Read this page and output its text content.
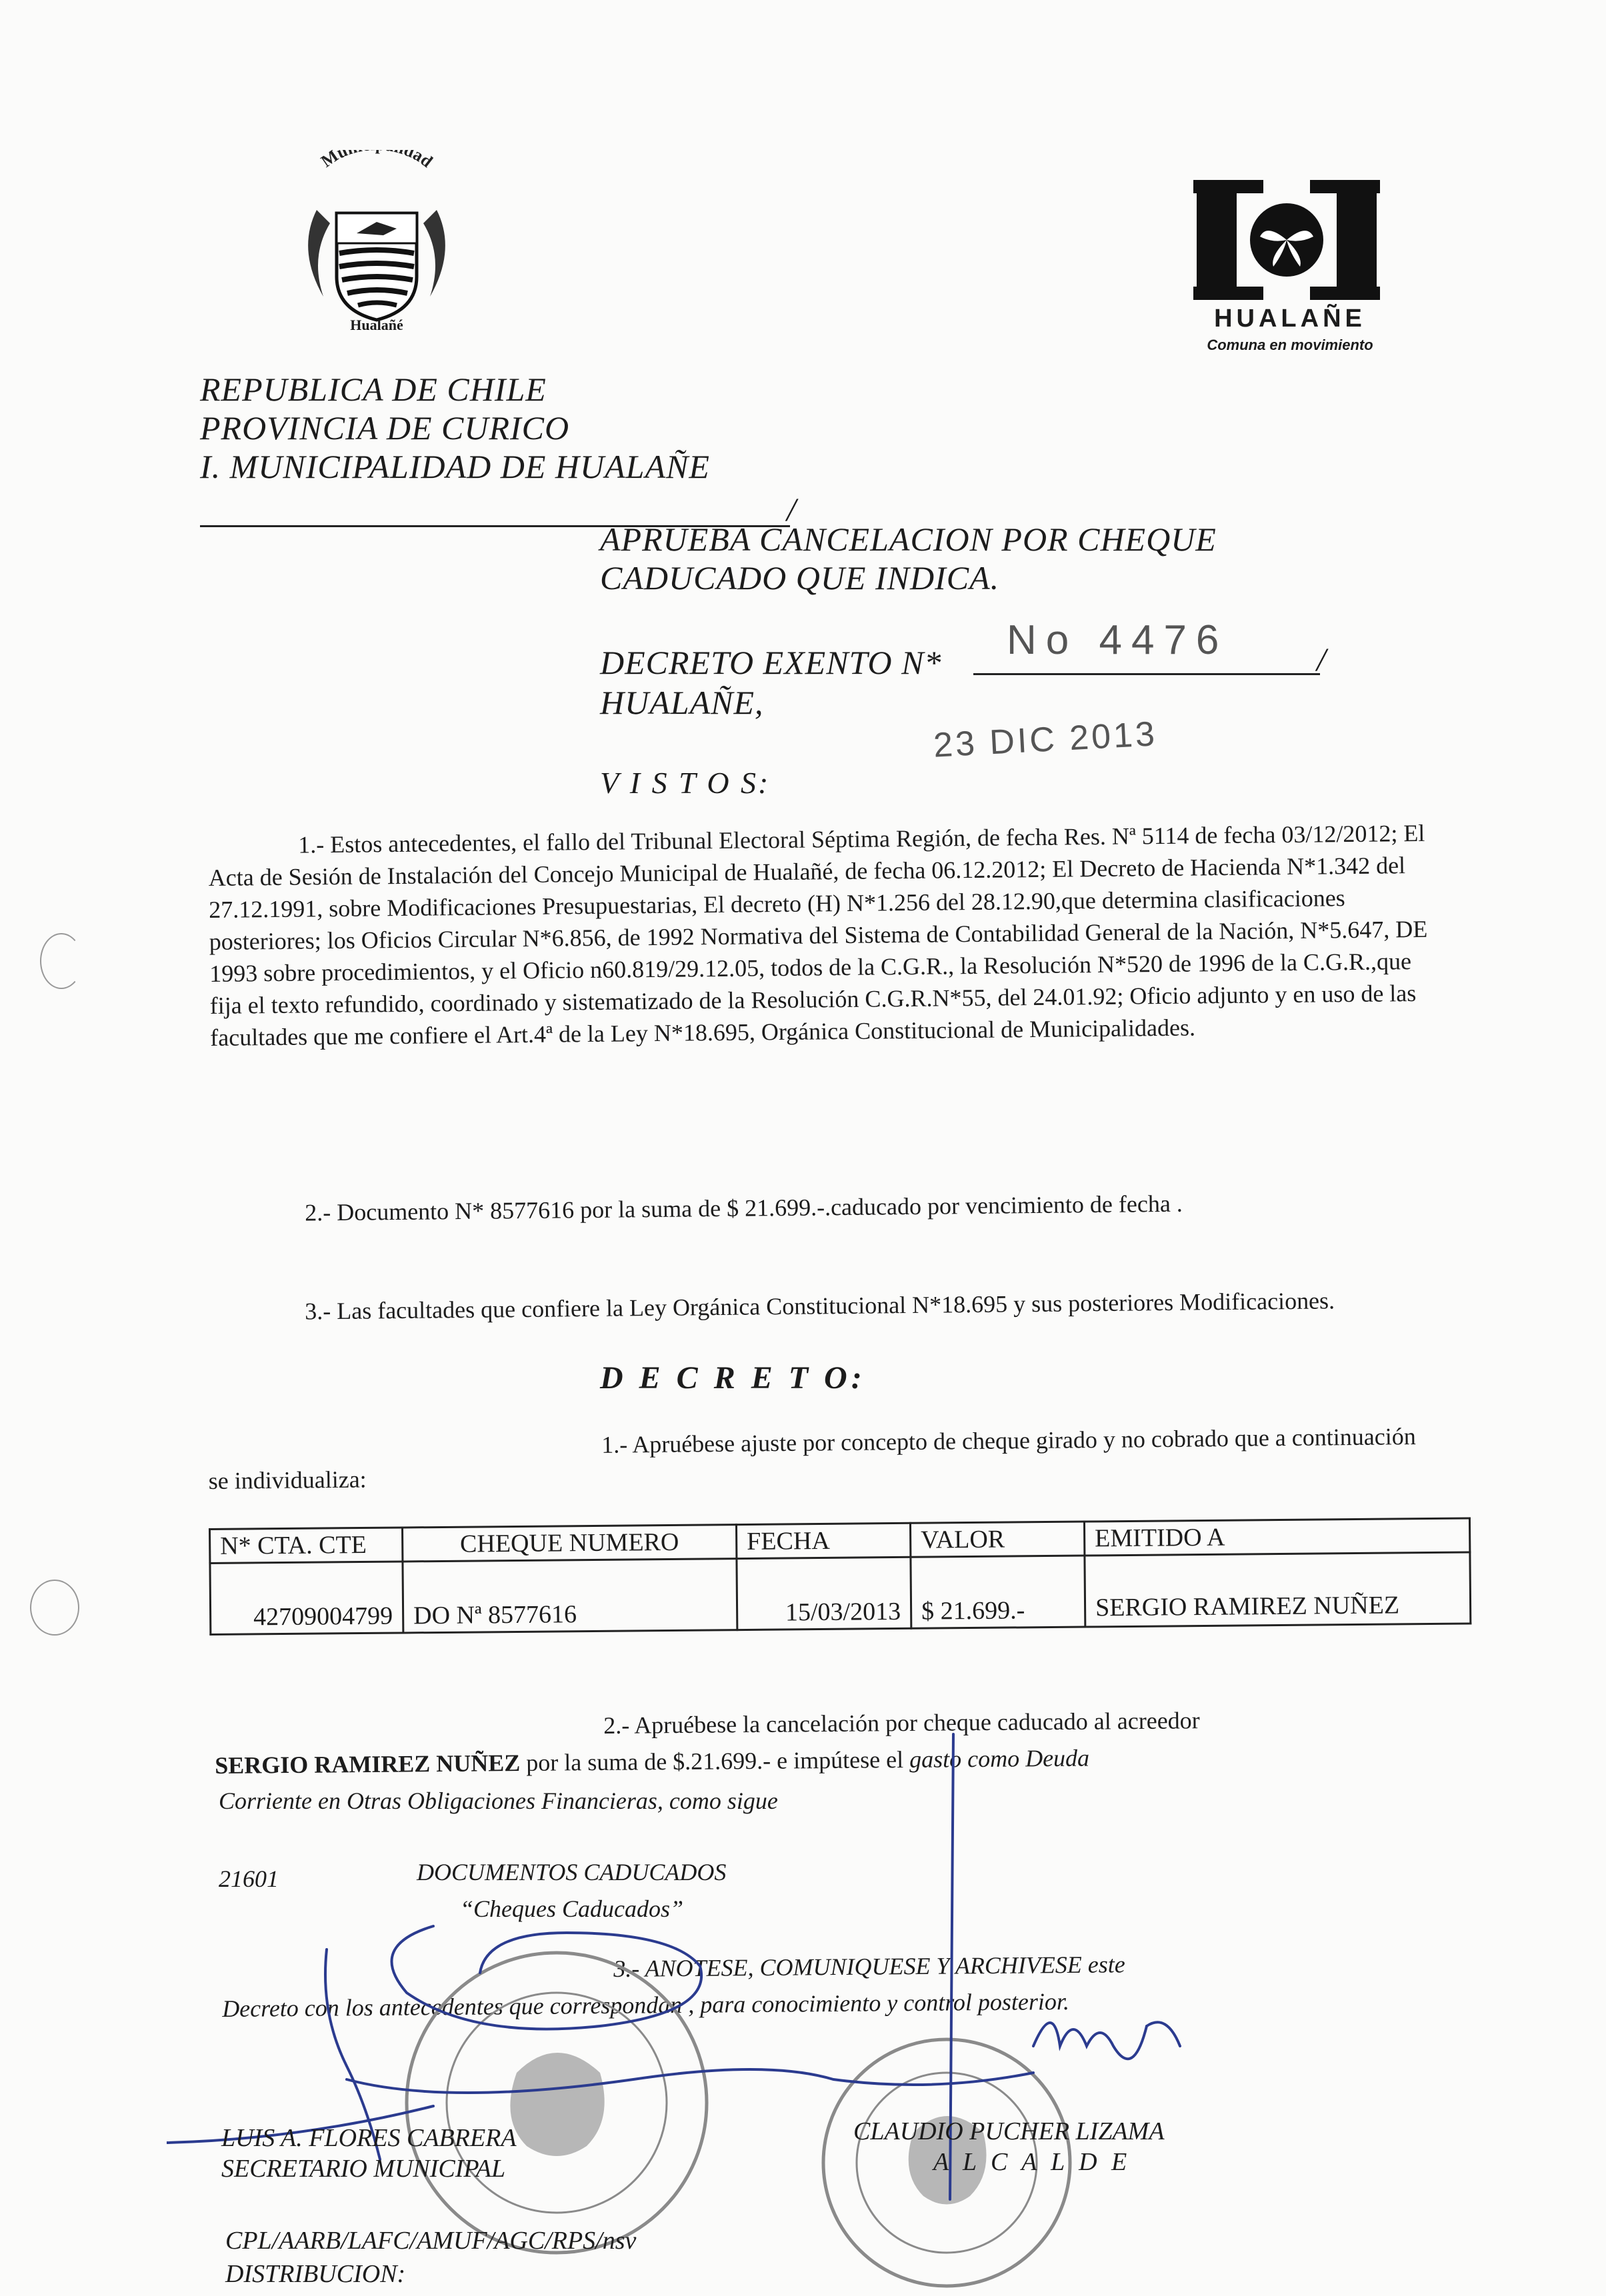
Mu dad
Hualañé	HUALAÑE
Comuna en movimiento
REPUBLICA DE CHILE
PROVINCIA DE CURICO
I. MUNICIPALIDAD DE HUALAÑE
/
APRUEBA CANCELACION POR CHEQUE
CADUCADO QUE INDICA.
DECRETO EXENTO N*	/
No 4476
HUALAÑE,
23 DIC 2013
V I S T O S:
1.- Estos antecedentes, el fallo del Tribunal Electoral Séptima Región, de fecha Res. Nª 5114 de fecha 03/12/2012; El Acta de Sesión de Instalación del Concejo Municipal de Hualañé, de fecha 06.12.2012; El Decreto de Hacienda N*1.342 del 27.12.1991, sobre Modificaciones Presupuestarias, El decreto (H) N*1.256 del 28.12.90,que determina clasificaciones posteriores; los Oficios Circular N*6.856, de 1992 Normativa del Sistema de Contabilidad General de la Nación, N*5.647, DE 1993 sobre procedimientos, y el Oficio n60.819/29.12.05, todos de la C.G.R., la Resolución N*520 de 1996 de la C.G.R.,que fija el texto refundido, coordinado y sistematizado de la Resolución C.G.R.N*55, del 24.01.92; Oficio adjunto y en uso de las facultades que me confiere el Art.4ª de la Ley N*18.695, Orgánica Constitucional de Municipalidades.
2.- Documento N* 8577616 por la suma de $ 21.699.-.caducado por vencimiento de fecha .
3.- Las facultades que confiere la Ley Orgánica Constitucional N*18.695 y sus posteriores Modificaciones.
D E C R E T O:
1.- Apruébese ajuste por concepto de cheque girado y no cobrado que a continuación se individualiza:
N* CTA. CTE	CHEQUE NUMERO	FECHA	VALOR	EMITIDO A
42709004799	DO Nª 8577616	15/03/2013	$ 21.699.-	SERGIO RAMIREZ NUÑEZ
2.- Apruébese la cancelación por cheque caducado al acreedor
SERGIO RAMIREZ NUÑEZ por la suma de $.21.699.- e impútese el gasto como Deuda
Corriente en Otras Obligaciones Financieras, como sigue
21601	DOCUMENTOS CADUCADOS
“Cheques Caducados”
3.- ANOTESE, COMUNIQUESE Y ARCHIVESE este
Decreto con los antecedentes que correspondan , para conocimiento y control posterior.
LUIS A. FLORES CABRERA
SECRETARIO MUNICIPAL
CLAUDIO PUCHER LIZAMA
A L C A L D E
CPL/AARB/LAFC/AMUF/AGC/RPS/nsv
DISTRIBUCION:
